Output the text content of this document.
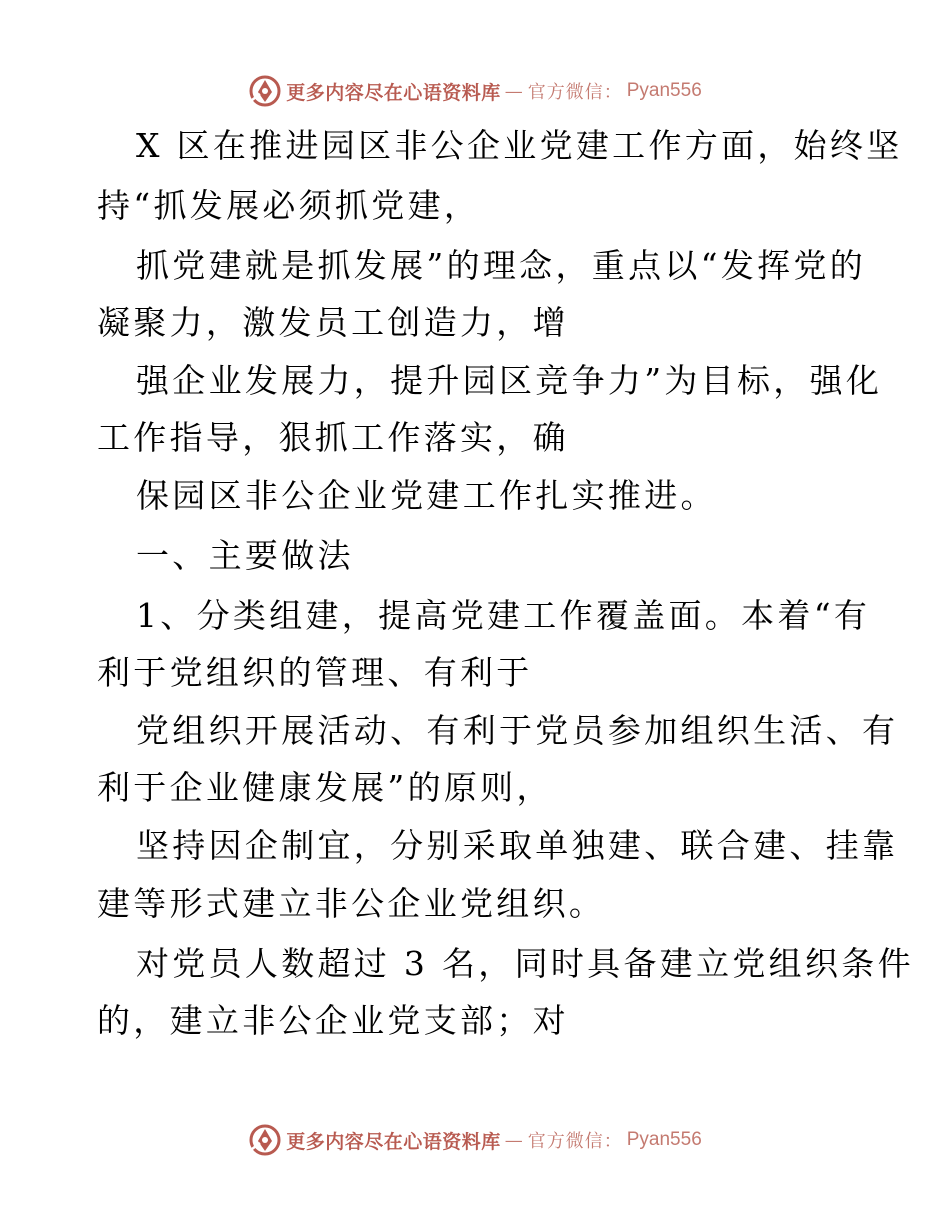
更多内容尽在心语资料库 — 官方微信： Pyan556
X 区在推进园区非公企业党建工作方面，始终坚
持“抓发展必须抓党建，
抓党建就是抓发展”的理念，重点以“发挥党的
凝聚力，激发员工创造力，增
强企业发展力，提升园区竞争力”为目标，强化
工作指导，狠抓工作落实，确
保园区非公企业党建工作扎实推进。
一、主要做法
1、分类组建，提高党建工作覆盖面。本着“有
利于党组织的管理、有利于
党组织开展活动、有利于党员参加组织生活、有
利于企业健康发展”的原则，
坚持因企制宜，分别采取单独建、联合建、挂靠
建等形式建立非公企业党组织。
对党员人数超过 3 名，同时具备建立党组织条件
的，建立非公企业党支部；对
更多内容尽在心语资料库 — 官方微信： Pyan556
